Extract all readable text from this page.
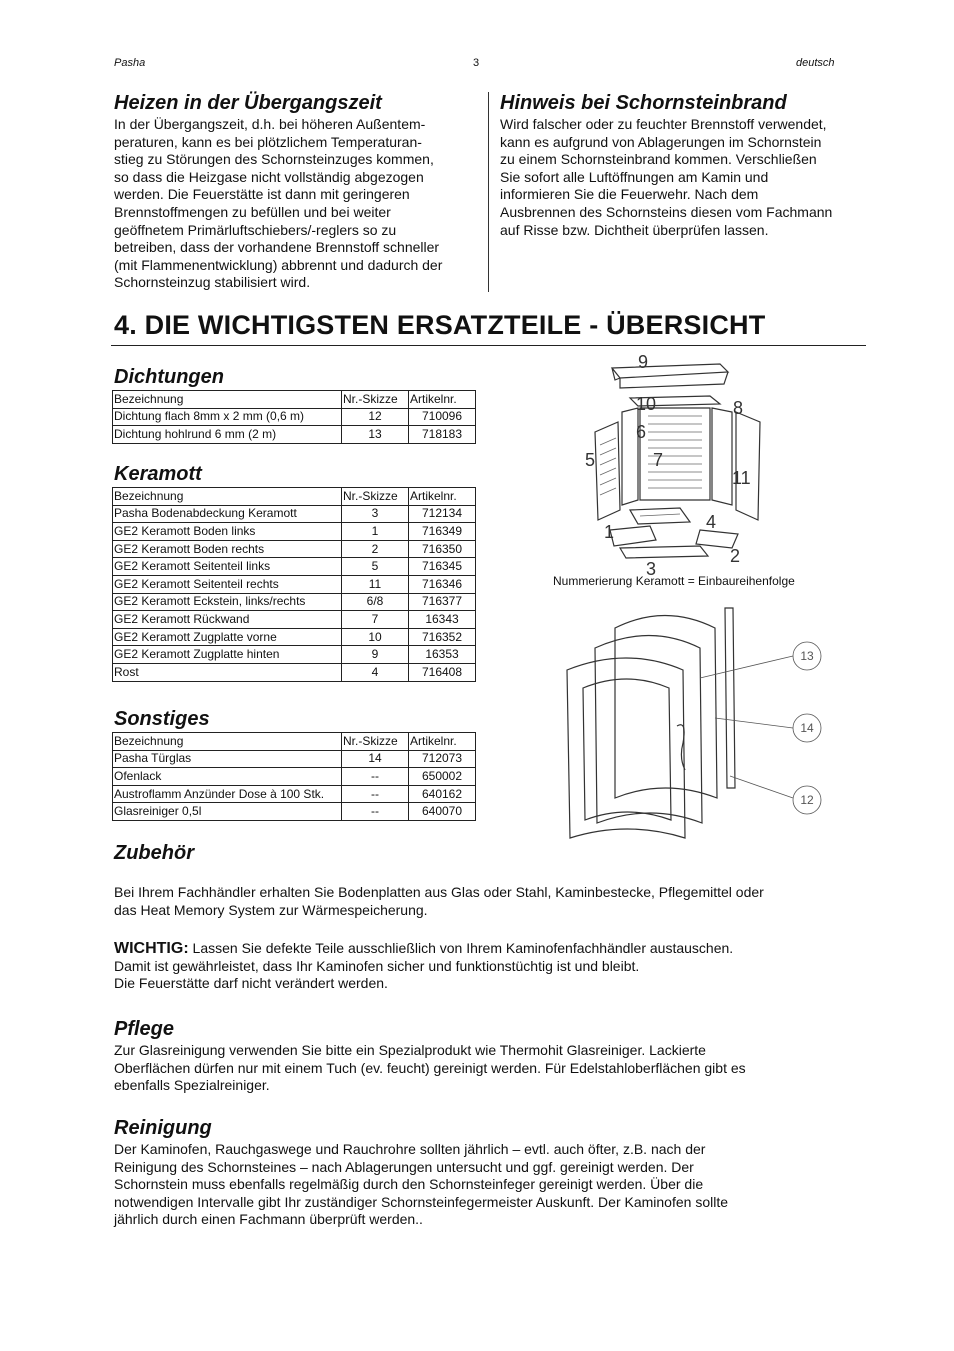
Pasha	3	deutsch
Heizen in der Übergangszeit
In der Übergangszeit, d.h. bei höheren Außentem-
peraturen, kann es bei plötzlichem Temperaturan-
stieg zu Störungen des Schornsteinzuges kommen,
so dass die Heizgase nicht vollständig abgezogen
werden. Die Feuerstätte ist dann mit geringeren
Brennstoffmengen zu befüllen und bei weiter
geöffnetem Primärluftschiebers/-reglers so zu
betreiben, dass der vorhandene Brennstoff schneller
(mit Flammenentwicklung) abbrennt und dadurch der
Schornsteinzug stabilisiert wird.
Hinweis bei Schornsteinbrand
Wird falscher oder zu feuchter Brennstoff verwendet,
kann es aufgrund von Ablagerungen im Schornstein
zu einem Schornsteinbrand kommen. Verschließen
Sie sofort alle Luftöffnungen am Kamin und
informieren Sie die Feuerwehr. Nach dem
Ausbrennen des Schornsteins diesen vom Fachmann
auf Risse bzw. Dichtheit überprüfen lassen.
4. DIE WICHTIGSTEN ERSATZTEILE - ÜBERSICHT
Dichtungen
Bezeichnung	Nr.-Skizze	Artikelnr.
Dichtung flach 8mm x 2 mm (0,6 m)	12	710096
Dichtung hohlrund 6 mm (2 m)	13	718183
Keramott
Bezeichnung	Nr.-Skizze	Artikelnr.
Pasha Bodenabdeckung Keramott	3	712134
GE2 Keramott Boden links	1	716349
GE2 Keramott Boden rechts	2	716350
GE2 Keramott Seitenteil links	5	716345
GE2 Keramott Seitenteil rechts	11	716346
GE2 Keramott Eckstein, links/rechts	6/8	716377
GE2 Keramott Rückwand	7	16343
GE2 Keramott Zugplatte vorne	10	716352
GE2 Keramott Zugplatte hinten	9	16353
Rost	4	716408
Sonstiges
Bezeichnung	Nr.-Skizze	Artikelnr.
Pasha Türglas	14	712073
Ofenlack	--	650002
Austroflamm Anzünder Dose à 100 Stk.	--	640162
Glasreiniger 0,5l	--	640070
9
10	8
6
5	7
11
1	4
2
3
Nummerierung Keramott = Einbaureihenfolge
13
14
12
Zubehör
Bei Ihrem Fachhändler erhalten Sie Bodenplatten aus Glas oder Stahl, Kaminbestecke, Pflegemittel oder
das Heat Memory System zur Wärmespeicherung.
WICHTIG: Lassen Sie defekte Teile ausschließlich von Ihrem Kaminofenfachhändler austauschen.
Damit ist gewährleistet, dass Ihr Kaminofen sicher und funktionstüchtig ist und bleibt.
Die Feuerstätte darf nicht verändert werden.
Pflege
Zur Glasreinigung verwenden Sie bitte ein Spezialprodukt wie Thermohit Glasreiniger. Lackierte
Oberflächen dürfen nur mit einem Tuch (ev. feucht) gereinigt werden. Für Edelstahloberflächen gibt es
ebenfalls Spezialreiniger.
Reinigung
Der Kaminofen, Rauchgaswege und Rauchrohre sollten jährlich – evtl. auch öfter, z.B. nach der
Reinigung des Schornsteines – nach Ablagerungen untersucht und ggf. gereinigt werden. Der
Schornstein muss ebenfalls regelmäßig durch den Schornsteinfeger gereinigt werden. Über die
notwendigen Intervalle gibt Ihr zuständiger Schornsteinfegermeister Auskunft. Der Kaminofen sollte
jährlich durch einen Fachmann überprüft werden..
